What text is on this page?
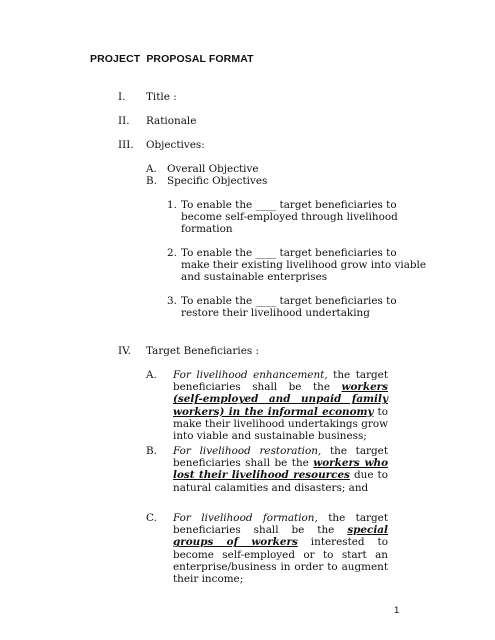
PROJECT  PROPOSAL FORMAT
I. Title :
II. Rationale
III. Objectives:
A. Overall Objective
B. Specific Objectives
1. To enable the ____ target beneficiaries to
become self-employed through livelihood
formation
2. To enable the ____ target beneficiaries to
make their existing livelihood grow into viable
and sustainable enterprises
3. To enable the ____ target beneficiaries to
restore their livelihood undertaking
IV. Target Beneficiaries :
A. For livelihood enhancement, the target beneficiaries shall be the workers (self-employed and unpaid family workers) in the informal economy to make their livelihood undertakings grow into viable and sustainable business;
B. For livelihood restoration, the target beneficiaries shall be the workers who lost their livelihood resources due to natural calamities and disasters; and
C. For livelihood formation, the target beneficiaries shall be the special groups of workers interested to become self-employed or to start an enterprise/business in order to augment their income;
1
